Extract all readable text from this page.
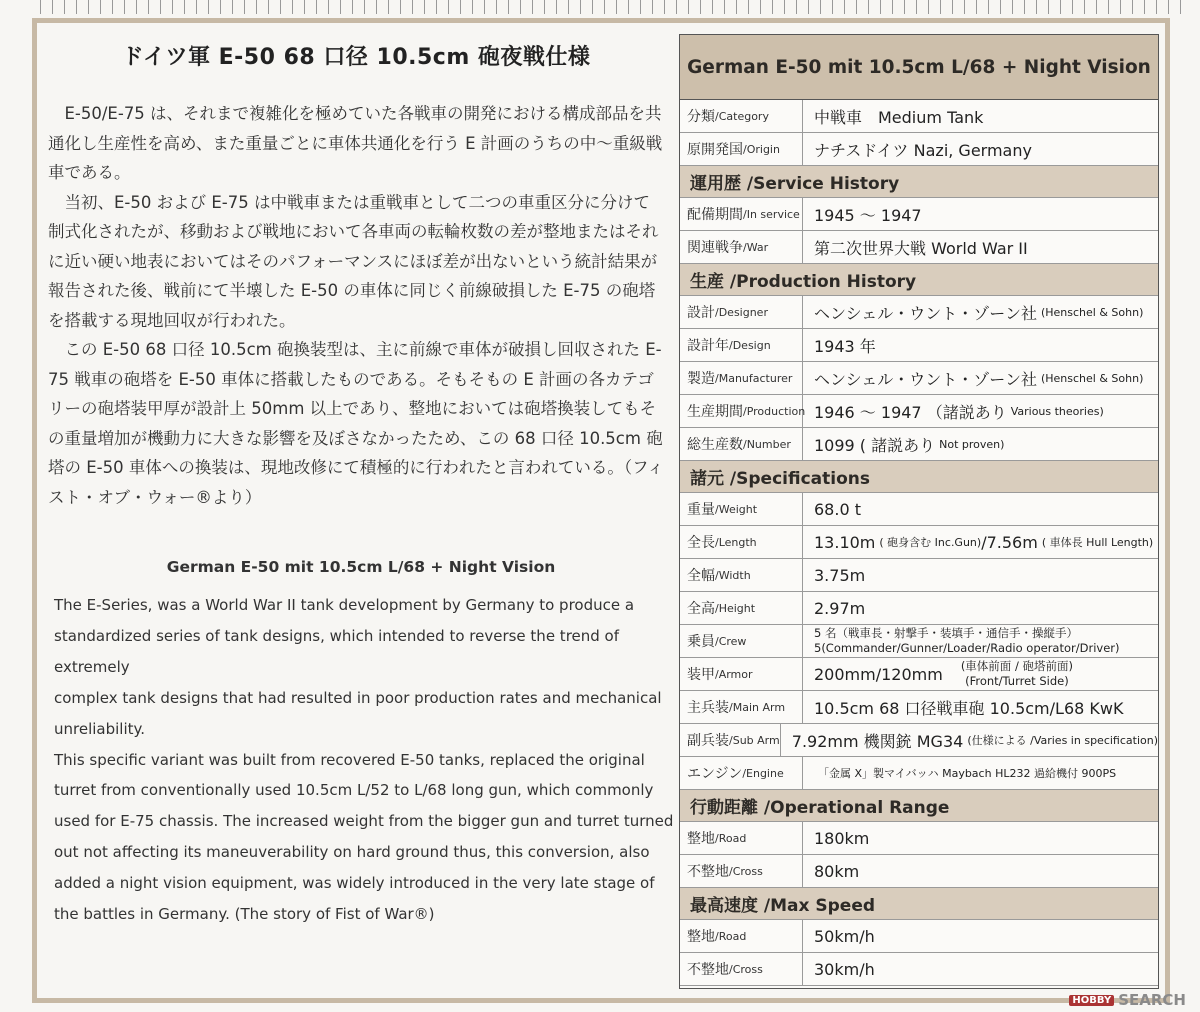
ドイツ軍 E-50 68 口径 10.5cm 砲夜戦仕様

E-50/E-75 は、それまで複雑化を極めていた各戦車の開発における構成部品を共通化し生産性を高め、また重量ごとに車体共通化を行う E 計画のうちの中～重級戦車である。

当初、E-50 および E-75 は中戦車または重戦車として二つの車重区分に分けて制式化されたが、移動および戦地において各車両の転輪枚数の差が整地またはそれに近い硬い地表においてはそのパフォーマンスにほぼ差が出ないという統計結果が報告された後、戦前にて半壊した E-50 の車体に同じく前線破損した E-75 の砲塔を搭載する現地回収が行われた。

この E-50 68 口径 10.5cm 砲換装型は、主に前線で車体が破損し回収された E-75 戦車の砲塔を E-50 車体に搭載したものである。そもそもの E 計画の各カテゴリーの砲塔装甲厚が設計上 50mm 以上であり、整地においては砲塔換装してもその重量増加が機動力に大きな影響を及ぼさなかったため、この 68 口径 10.5cm 砲塔の E-50 車体への換装は、現地改修にて積極的に行われたと言われている。（フィスト・オブ・ウォー®より）

German E-50 mit 10.5cm L/68 + Night Vision
The E-Series, was a World War II tank development by Germany to produce a
standardized series of tank designs, which intended to reverse the trend of
extremely
complex tank designs that had resulted in poor production rates and mechanical
unreliability.
This specific variant was built from recovered E-50 tanks, replaced the original
turret from conventionally used 10.5cm L/52 to L/68 long gun, which commonly
used for E-75 chassis. The increased weight from the bigger gun and turret turned
out not affecting its maneuverability on hard ground thus, this conversion, also
added a night vision equipment, was widely introduced in the very late stage of
the battles in Germany. (The story of Fist of War®)
German E-50 mit 10.5cm L/68 + Night Vision
分類 /Category	中戦車　Medium Tank
原開発国 /Origin ナチスドイツ Nazi, Germany
運用歴 /Service History
配備期間 /In service 1945 ～ 1947
関連戦争 /War	第二次世界大戦 World War II
生産 /Production History
設計 /Designer	ヘンシェル・ウント・ゾーン社 (Henschel & Sohn)
設計年 /Design	1943 年
製造 /Manufacturer ヘンシェル・ウント・ゾーン社 (Henschel & Sohn)
生産期間 /Production 1946 ～ 1947 （諸説あり Various theories)
総生産数 /Number 1099 ( 諸説あり Not proven)
諸元 /Specifications
重量 /Weight	68.0 t
全長 /Length	13.10m ( 砲身含む Inc.Gun) /7.56m ( 車体長 Hull Length)
全幅 /Width	3.75m
全高 /Height	2.97m
乗員 /Crew
5 名（戦車長・射撃手・装填手・通信手・操縦手）
5(Commander/Gunner/Loader/Radio operator/Driver)
装甲 /Armor	200mm/120mm (車体前面 / 砲塔前面)
(Front/Turret Side)
主兵装 /Main Arm 10.5cm 68 口径戦車砲 10.5cm/L68 KwK
副兵装 /Sub Arm 7.92mm 機関銃 MG34 (仕様による /Varies in specification)
エンジン /Engine	「金属 X」製マイバッハ Maybach HL232 過給機付 900PS
行動距離 /Operational Range
整地 /Road	180km
不整地 /Cross	80km
最高速度 /Max Speed
整地 /Road	50km/h
不整地 /Cross	30km/h
HOBBY SEARCH
